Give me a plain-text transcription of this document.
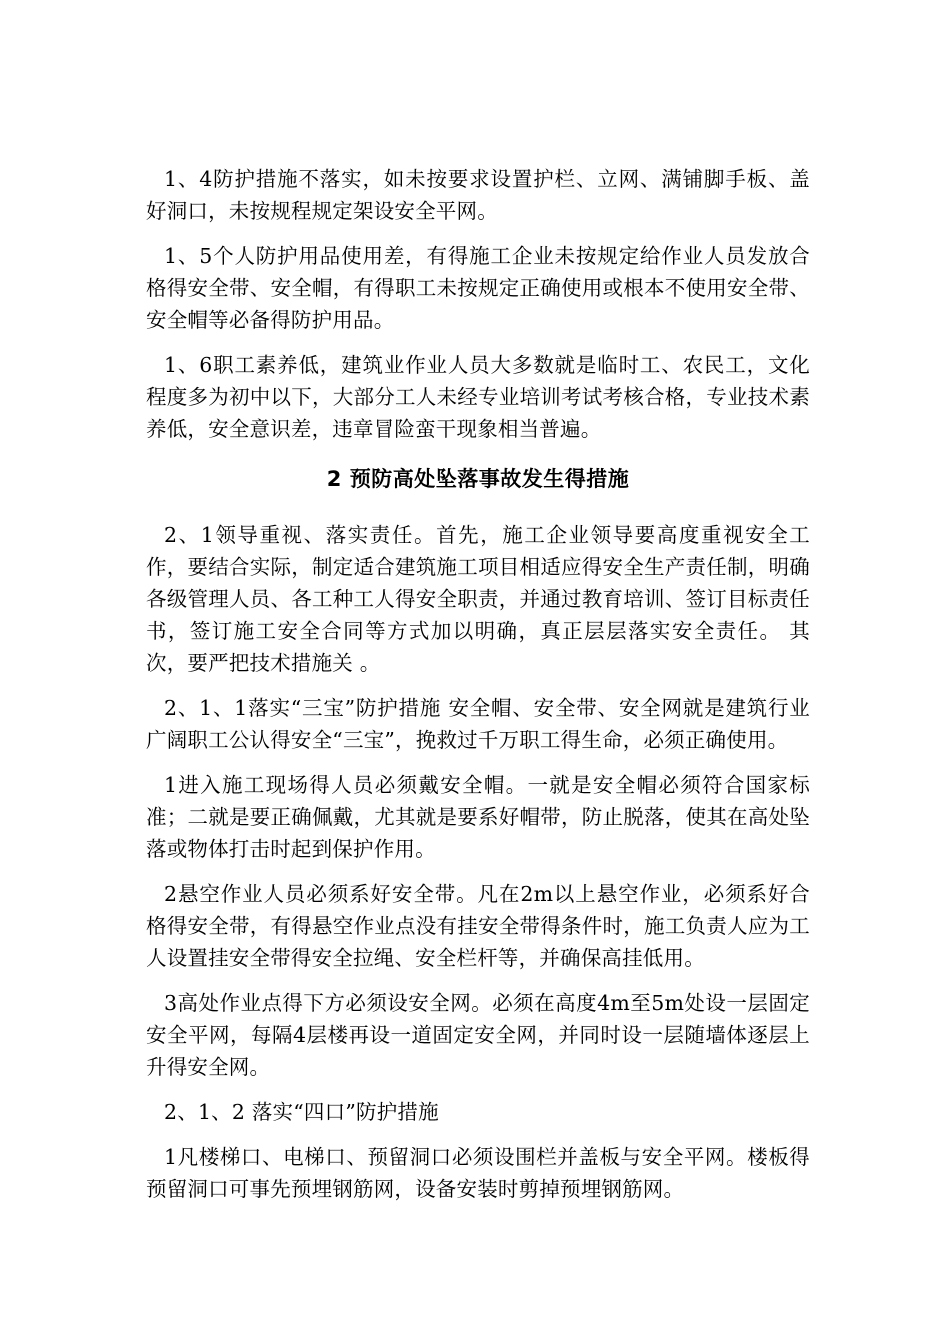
1、4防护措施不落实，如未按要求设置护栏、立网、满铺脚手板、盖好洞口，未按规程规定架设安全平网。

1、5个人防护用品使用差，有得施工企业未按规定给作业人员发放合格得安全带、安全帽，有得职工未按规定正确使用或根本不使用安全带、安全帽等必备得防护用品。

1、6职工素养低，建筑业作业人员大多数就是临时工、农民工，文化程度多为初中以下，大部分工人未经专业培训考试考核合格，专业技术素养低，安全意识差，违章冒险蛮干现象相当普遍。

2 预防高处坠落事故发生得措施

2、1领导重视、落实责任。首先，施工企业领导要高度重视安全工作，要结合实际，制定适合建筑施工项目相适应得安全生产责任制，明确各级管理人员、各工种工人得安全职责，并通过教育培训、签订目标责任书，签订施工安全合同等方式加以明确，真正层层落实安全责任。 其次，要严把技术措施关 。

2、1、1落实“三宝”防护措施 安全帽、安全带、安全网就是建筑行业广阔职工公认得安全“三宝”，挽救过千万职工得生命，必须正确使用。

1进入施工现场得人员必须戴安全帽。一就是安全帽必须符合国家标准；二就是要正确佩戴，尤其就是要系好帽带，防止脱落，使其在高处坠落或物体打击时起到保护作用。

2悬空作业人员必须系好安全带。凡在2m以上悬空作业，必须系好合格得安全带，有得悬空作业点没有挂安全带得条件时，施工负责人应为工人设置挂安全带得安全拉绳、安全栏杆等，并确保高挂低用。

3高处作业点得下方必须设安全网。必须在高度4m至5m处设一层固定安全平网，每隔4层楼再设一道固定安全网，并同时设一层随墙体逐层上升得安全网。

2、1、2 落实“四口”防护措施

1凡楼梯口、电梯口、预留洞口必须设围栏并盖板与安全平网。楼板得预留洞口可事先预埋钢筋网，设备安装时剪掉预埋钢筋网。
